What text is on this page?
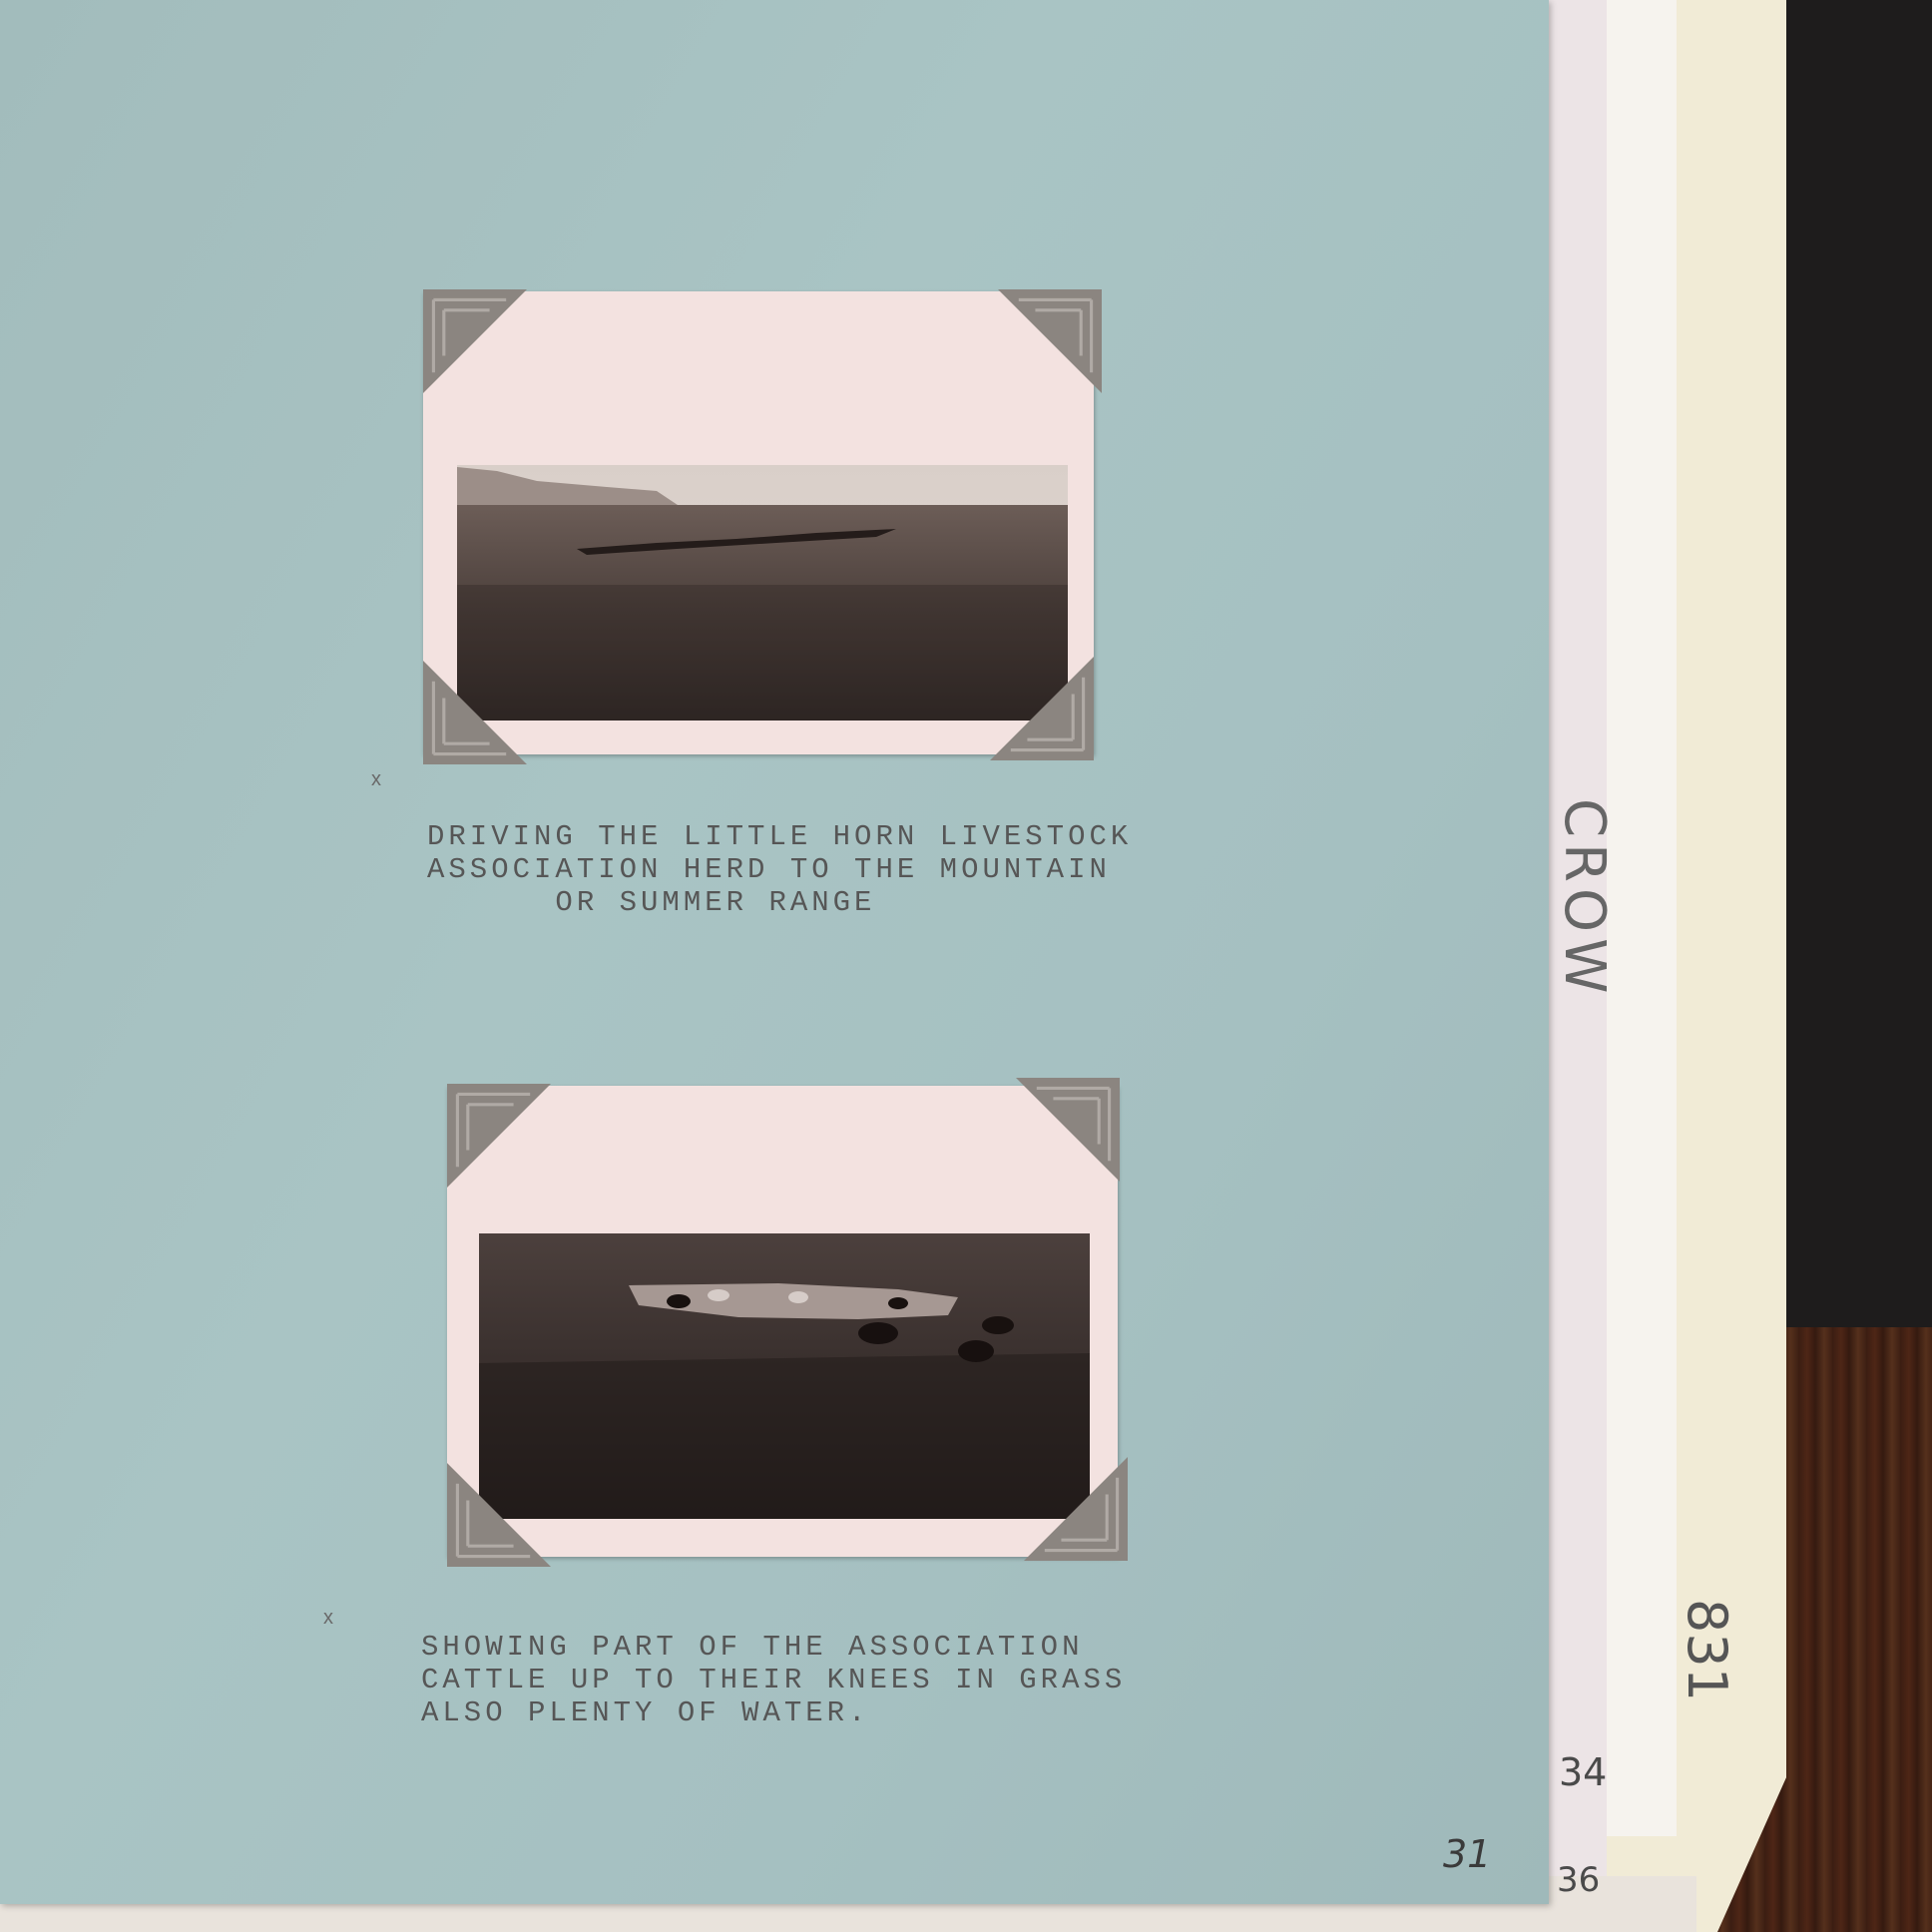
x
x
DRIVING THE LITTLE HORN LIVESTOCK
ASSOCIATION HERD TO THE MOUNTAIN
OR SUMMER RANGE
SHOWING PART OF THE ASSOCIATION
CATTLE UP TO THEIR KNEES IN GRASS
ALSO PLENTY OF WATER.
31
CROW
831
34
36
